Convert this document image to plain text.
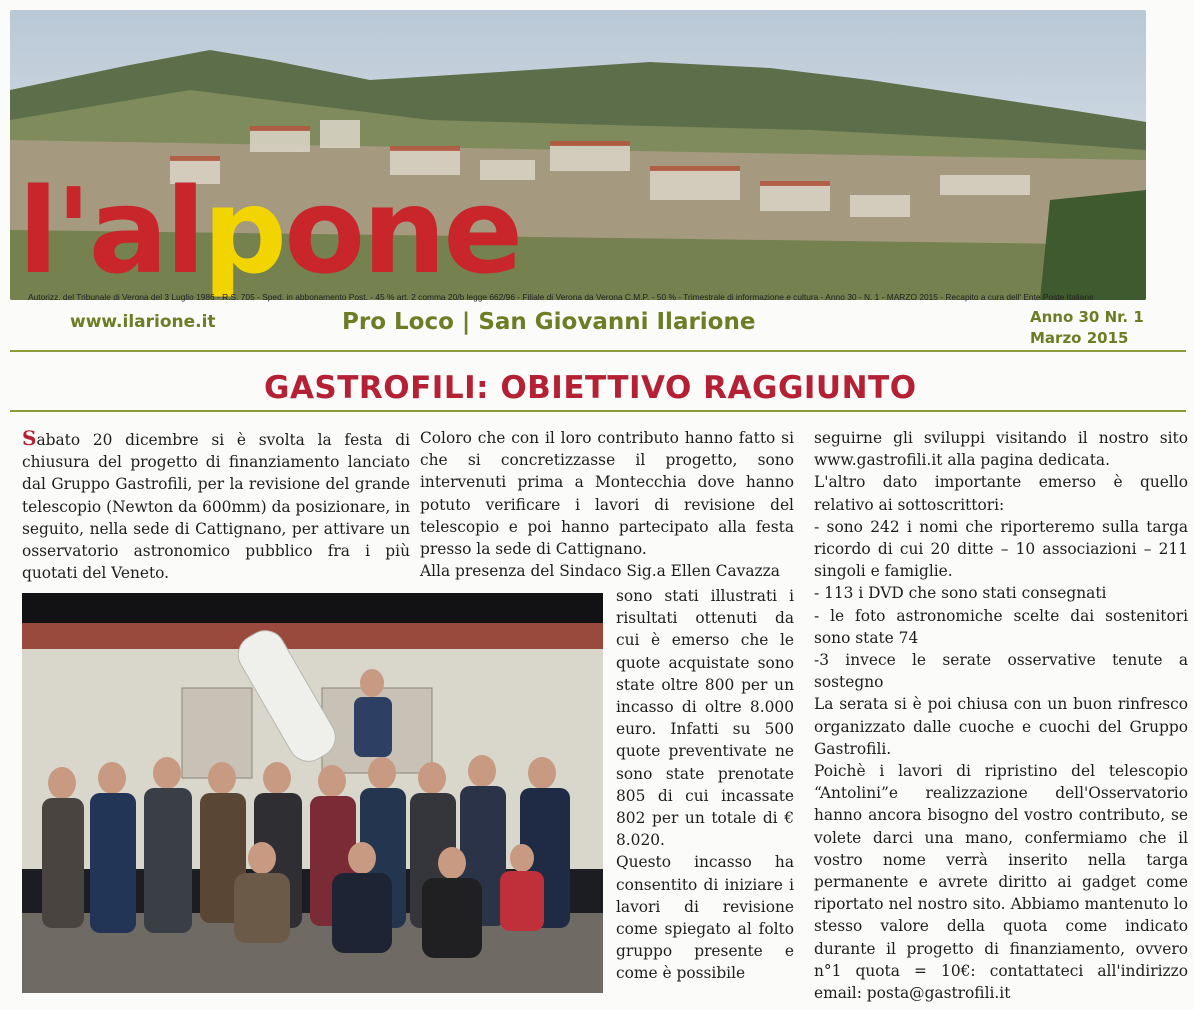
l'alpone
Autorizz. del Tribunale di Verona del 3 Luglio 1986 - R.S. 705 - Sped. in abbonamento Post. - 45 % art. 2 comma 20/b legge 662/96 - Filiale di Verona da Verona C.M.P. - 50 % - Trimestrale di informazione e cultura - Anno 30 - N. 1 - MARZO 2015 - Recapito a cura dell' Ente Poste Italiane
www.ilarione.it	Pro Loco | San Giovanni Ilarione	Anno 30 Nr. 1
Marzo 2015
GASTROFILI: OBIETTIVO RAGGIUNTO

Sabato 20 dicembre si è svolta la festa di chiusura del progetto di finanziamento lanciato dal Gruppo Gastrofili, per la revisione del grande telescopio (Newton da 600mm) da posizionare, in seguito, nella sede di Cattignano, per attivare un osservatorio astronomico pubblico fra i più quotati del Veneto.

Coloro che con il loro contributo hanno fatto si che si concretizzasse il progetto, sono intervenuti prima a Montecchia dove hanno potuto verificare i lavori di revisione del telescopio e poi hanno partecipato alla festa presso la sede di Cattignano.

Alla presenza del Sindaco Sig.a Ellen Cavazza

sono stati illustrati i risultati ottenuti da cui è emerso che le quote acquistate sono state oltre 800 per un incasso di oltre 8.000 euro. Infatti su 500 quote preventivate ne sono state prenotate 805 di cui incassate 802 per un totale di € 8.020.

Questo incasso ha consentito di iniziare i lavori di revisione come spiegato al folto gruppo presente e come è possibile

seguirne gli sviluppi visitando il nostro sito www.gastrofili.it alla pagina dedicata.

L'altro dato importante emerso è quello relativo ai sottoscrittori:

- sono 242 i nomi che riporteremo sulla targa ricordo di cui 20 ditte – 10 associazioni – 211 singoli e famiglie.
- 113 i DVD che sono stati consegnati
- le foto astronomiche scelte dai sostenitori sono state 74
-3 invece le serate osservative tenute a sostegno

La serata si è poi chiusa con un buon rinfresco organizzato dalle cuoche e cuochi del Gruppo Gastrofili.

Poichè i lavori di ripristino del telescopio “Antolini”e realizzazione dell'Osservatorio hanno ancora bisogno del vostro contributo, se volete darci una mano, confermiamo che il vostro nome verrà inserito nella targa permanente e avrete diritto ai gadget come riportato nel nostro sito. Abbiamo mantenuto lo stesso valore della quota come indicato durante il progetto di finanziamento, ovvero n°1 quota = 10€: contattateci all'indirizzo email: posta@gastrofili.it
